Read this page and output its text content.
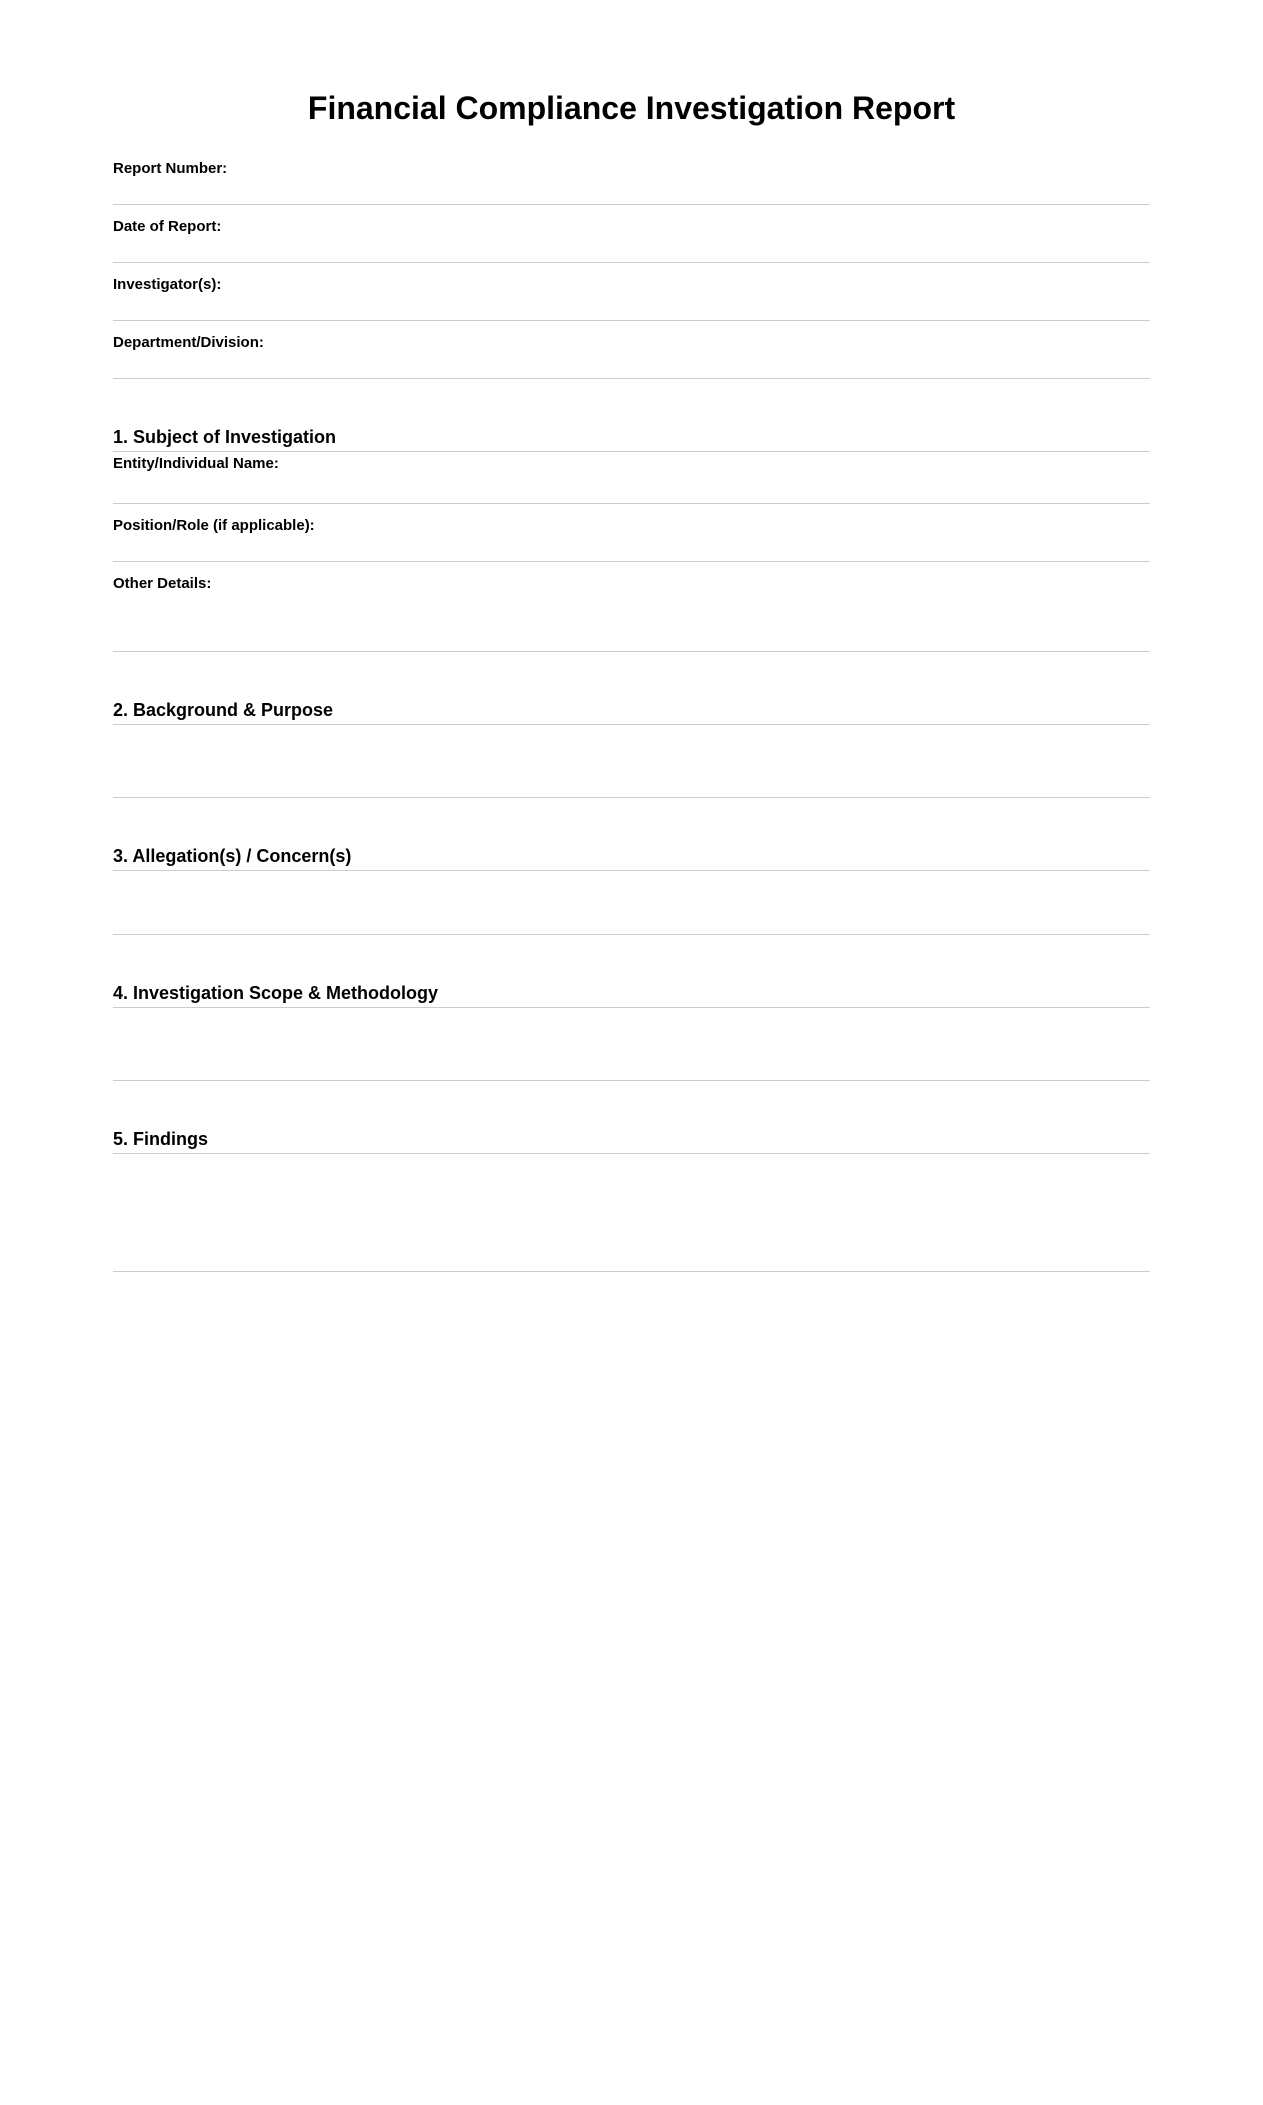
Financial Compliance Investigation Report
Report Number:
Date of Report:
Investigator(s):
Department/Division:
1. Subject of Investigation
Entity/Individual Name:
Position/Role (if applicable):
Other Details:
2. Background & Purpose
3. Allegation(s) / Concern(s)
4. Investigation Scope & Methodology
5. Findings
